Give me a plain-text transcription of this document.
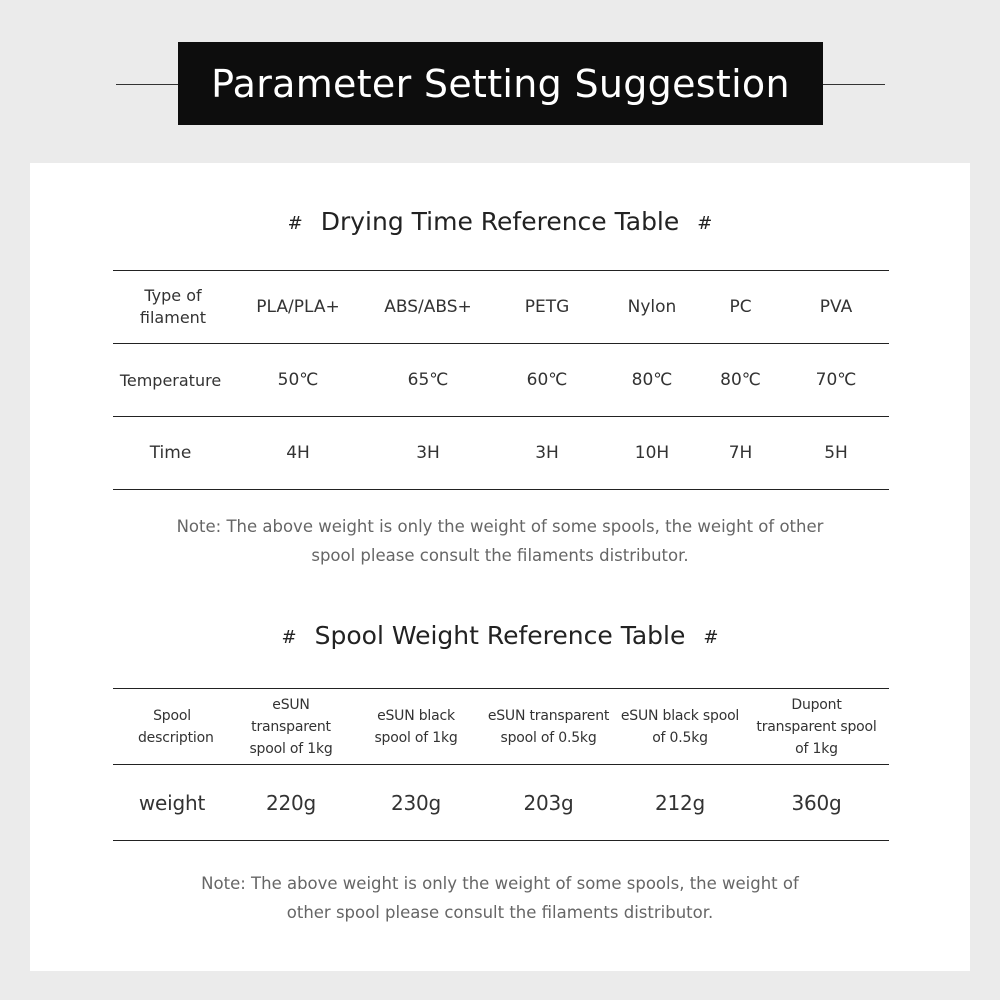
Parameter Setting Suggestion
# Drying Time Reference Table #
Type of filament	PLA/PLA+	ABS/ABS+	PETG	Nylon	PC	PVA
Temperature	50℃	65℃	60℃	80℃	80℃	70℃
Time	4H	3H	3H	10H	7H	5H
Note: The above weight is only the weight of some spools, the weight of other
spool please consult the filaments distributor.
# Spool Weight Reference Table #
Spool description	eSUN transparent spool of 1kg	eSUN black spool of 1kg	eSUN transparent spool of 0.5kg	eSUN black spool of 0.5kg	Dupont transparent spool of 1kg
weight	220g	230g	203g	212g	360g
Note: The above weight is only the weight of some spools, the weight of
other spool please consult the filaments distributor.
